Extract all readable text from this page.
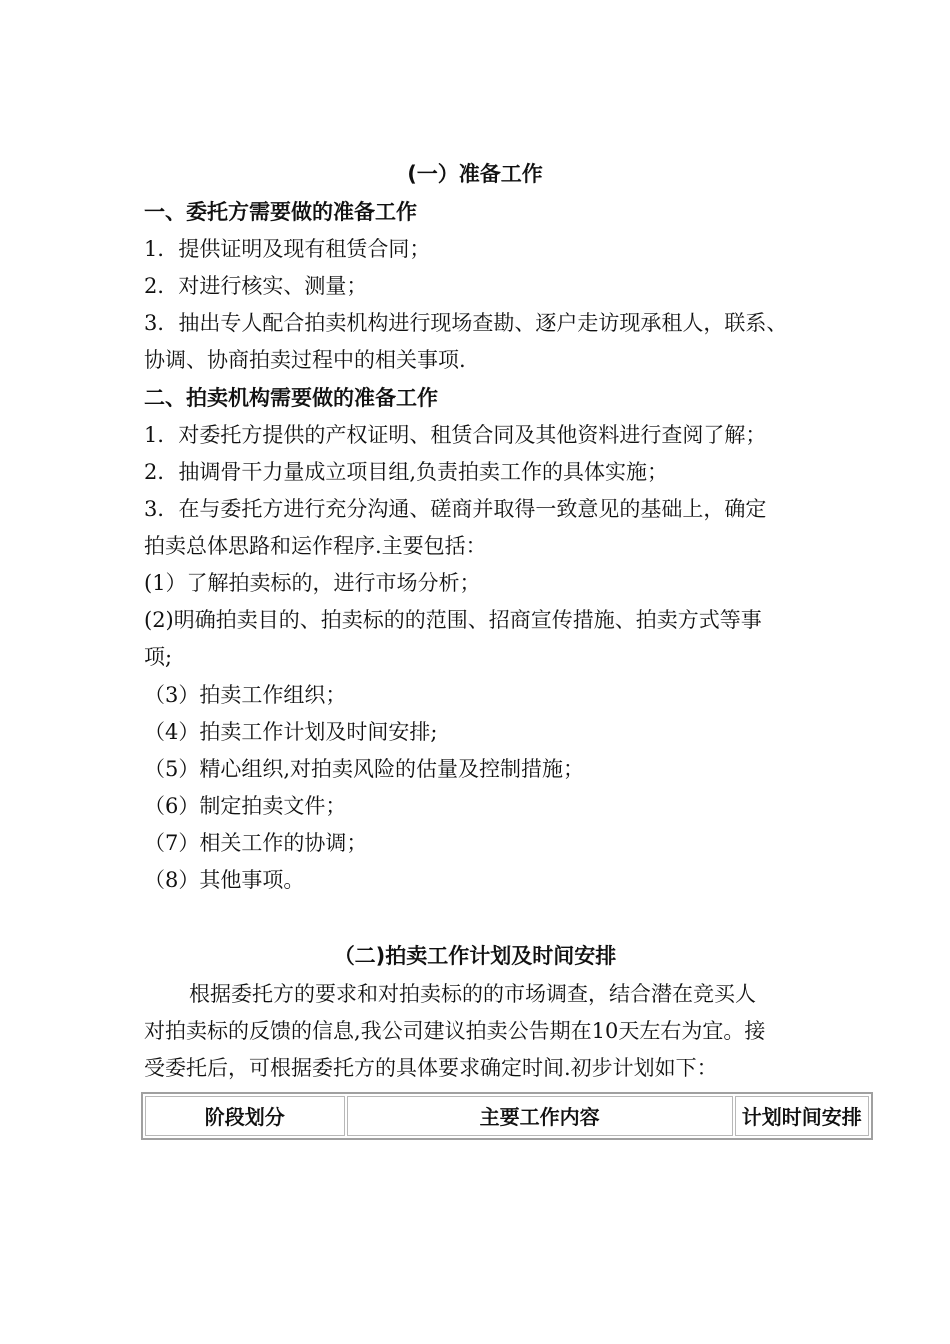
(一）准备工作
一、委托方需要做的准备工作
1．提供证明及现有租赁合同；
2．对进行核实、测量；
3．抽出专人配合拍卖机构进行现场查勘、逐户走访现承租人，联系、
协调、协商拍卖过程中的相关事项.
二、拍卖机构需要做的准备工作
1．对委托方提供的产权证明、租赁合同及其他资料进行查阅了解；
2．抽调骨干力量成立项目组,负责拍卖工作的具体实施；
3．在与委托方进行充分沟通、磋商并取得一致意见的基础上，确定
拍卖总体思路和运作程序.主要包括：
(1）了解拍卖标的，进行市场分析；
(2)明确拍卖目的、拍卖标的的范围、招商宣传措施、拍卖方式等事
项;
（3）拍卖工作组织；
（4）拍卖工作计划及时间安排;
（5）精心组织,对拍卖风险的估量及控制措施；
（6）制定拍卖文件；
（7）相关工作的协调；
（8）其他事项。
（二)拍卖工作计划及时间安排
根据委托方的要求和对拍卖标的的市场调查，结合潜在竞买人
对拍卖标的反馈的信息,我公司建议拍卖公告期在10天左右为宜。接
受委托后，可根据委托方的具体要求确定时间.初步计划如下：
阶段划分	主要工作内容	计划时间安排
